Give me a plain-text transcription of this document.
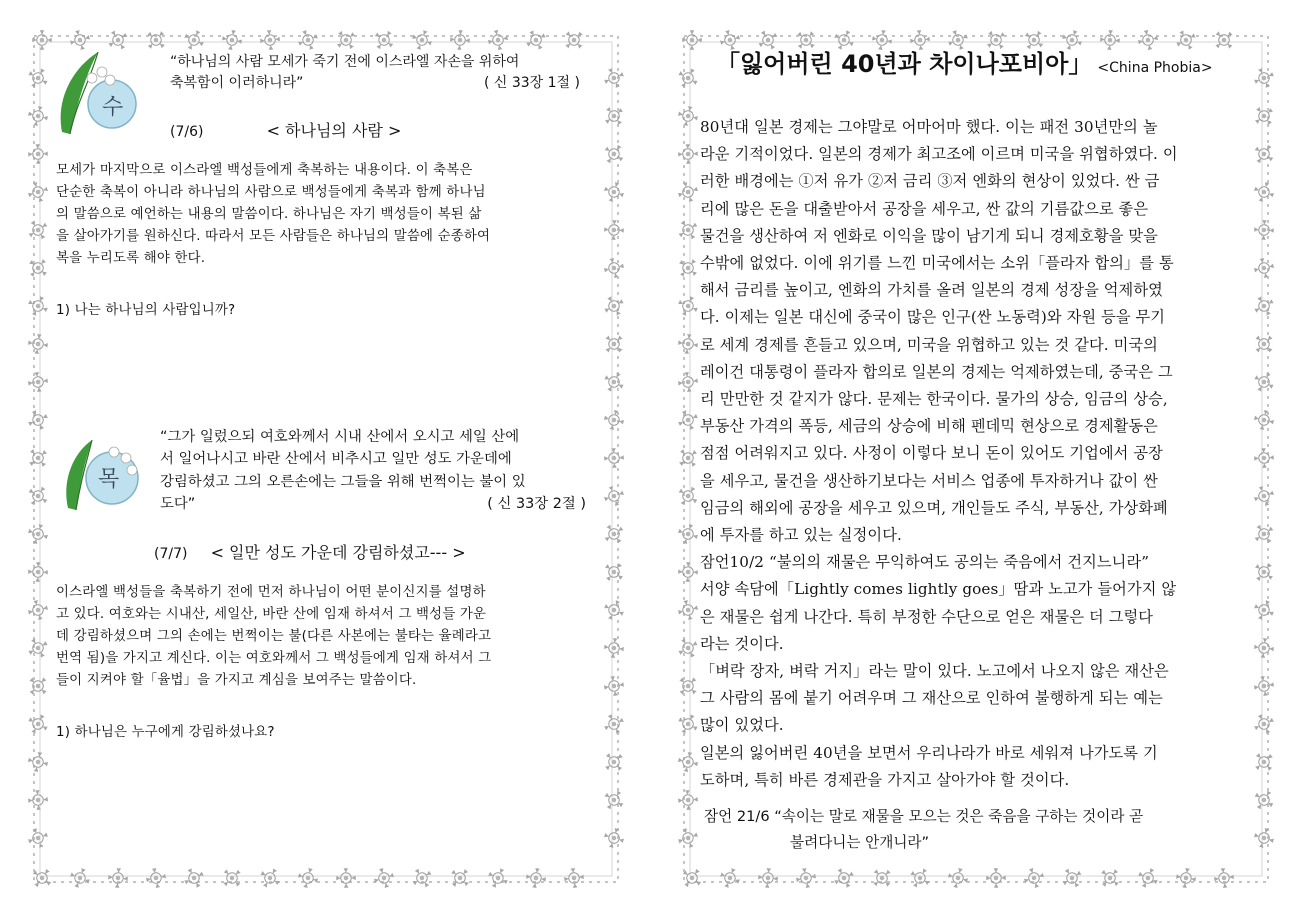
수
“하나님의 사람 모세가 죽기 전에 이스라엘 자손을 위하여
축복함이 이러하니라”	( 신 33장 1절 )
(7/6)	< 하나님의 사람 >
모세가 마지막으로 이스라엘 백성들에게 축복하는 내용이다. 이 축복은
단순한 축복이 아니라 하나님의 사람으로 백성들에게 축복과 함께 하나님
의 말씀으로 예언하는 내용의 말씀이다. 하나님은 자기 백성들이 복된 삶
을 살아가기를 원하신다. 따라서 모든 사람들은 하나님의 말씀에 순종하여
복을 누리도록 해야 한다.
1) 나는 하나님의 사람입니까?
목
“그가 일렀으되 여호와께서 시내 산에서 오시고 세일 산에
서 일어나시고 바란 산에서 비추시고 일만 성도 가운데에
강림하셨고 그의 오른손에는 그들을 위해 번쩍이는 불이 있
도다”	( 신 33장 2절 )
(7/7) < 일만 성도 가운데 강림하셨고--- >
이스라엘 백성들을 축복하기 전에 먼저 하나님이 어떤 분이신지를 설명하
고 있다. 여호와는 시내산, 세일산, 바란 산에 임재 하셔서 그 백성들 가운
데 강림하셨으며 그의 손에는 번쩍이는 불(다른 사본에는 불타는 율례라고
번역 됨)을 가지고 계신다. 이는 여호와께서 그 백성들에게 임재 하셔서 그
들이 지켜야 할「율법」을 가지고 계심을 보여주는 말씀이다.
1) 하나님은 누구에게 강림하셨나요?
「잃어버린 40년과 차이나포비아」 <China Phobia>
80년대 일본 경제는 그야말로 어마어마 했다. 이는 패전 30년만의 놀
라운 기적이었다. 일본의 경제가 최고조에 이르며 미국을 위협하였다. 이
러한 배경에는 ①저 유가 ②저 금리 ③저 엔화의 현상이 있었다. 싼 금
리에 많은 돈을 대출받아서 공장을 세우고, 싼 값의 기름값으로 좋은
물건을 생산하여 저 엔화로 이익을 많이 남기게 되니 경제호황을 맞을
수밖에 없었다. 이에 위기를 느낀 미국에서는 소위「플라자 합의」를 통
해서 금리를 높이고, 엔화의 가치를 올려 일본의 경제 성장을 억제하였
다. 이제는 일본 대신에 중국이 많은 인구(싼 노동력)와 자원 등을 무기
로 세계 경제를 흔들고 있으며, 미국을 위협하고 있는 것 같다. 미국의
레이건 대통령이 플라자 합의로 일본의 경제는 억제하였는데, 중국은 그
리 만만한 것 같지가 않다. 문제는 한국이다. 물가의 상승, 임금의 상승,
부동산 가격의 폭등, 세금의 상승에 비해 펜데믹 현상으로 경제활동은
점점 어려워지고 있다. 사정이 이렇다 보니 돈이 있어도 기업에서 공장
을 세우고, 물건을 생산하기보다는 서비스 업종에 투자하거나 값이 싼
임금의 해외에 공장을 세우고 있으며, 개인들도 주식, 부동산, 가상화폐
에 투자를 하고 있는 실정이다.
잠언10/2 “불의의 재물은 무익하여도 공의는 죽음에서 건지느니라”
서양 속담에「Lightly comes lightly goes」땀과 노고가 들어가지 않
은 재물은 쉽게 나간다. 특히 부정한 수단으로 얻은 재물은 더 그렇다
라는 것이다.
「벼락 장자, 벼락 거지」라는 말이 있다. 노고에서 나오지 않은 재산은
그 사람의 몸에 붙기 어려우며 그 재산으로 인하여 불행하게 되는 예는
많이 있었다.
일본의 잃어버린 40년을 보면서 우리나라가 바로 세워져 나가도록 기
도하며, 특히 바른 경제관을 가지고 살아가야 할 것이다.
잠언 21/6 “속이는 말로 재물을 모으는 것은 죽음을 구하는 것이라 곧
불려다니는 안개니라”
